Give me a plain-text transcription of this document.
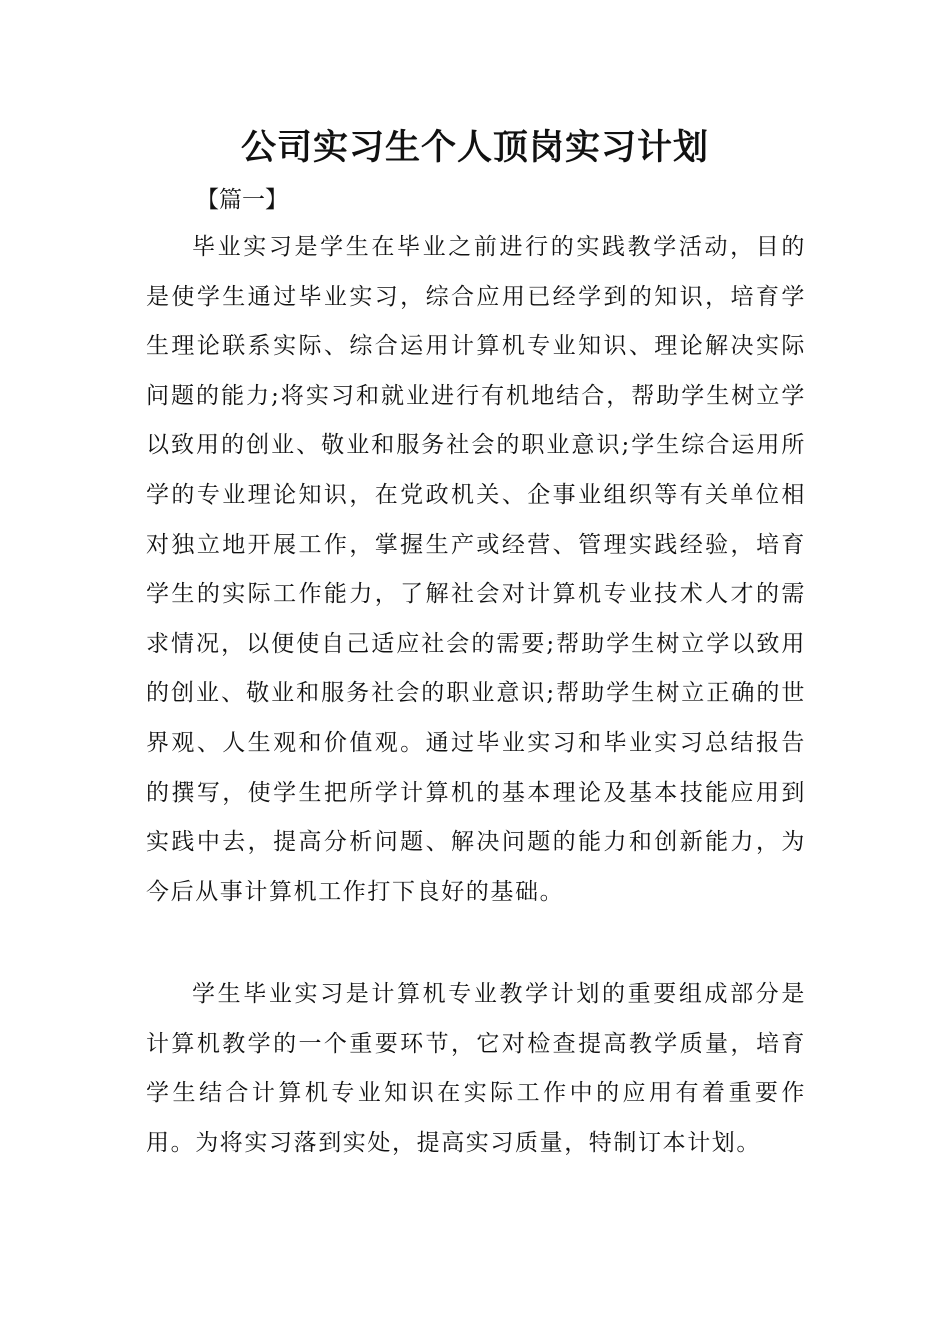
公司实习生个人顶岗实习计划
【篇一】

毕业实习是学生在毕业之前进行的实践教学活动，目的是使学生通过毕业实习，综合应用已经学到的知识，培育学生理论联系实际、综合运用计算机专业知识、理论解决实际问题的能力;将实习和就业进行有机地结合，帮助学生树立学以致用的创业、敬业和服务社会的职业意识;学生综合运用所学的专业理论知识，在党政机关、企事业组织等有关单位相对独立地开展工作，掌握生产或经营、管理实践经验，培育学生的实际工作能力，了解社会对计算机专业技术人才的需求情况，以便使自己适应社会的需要;帮助学生树立学以致用的创业、敬业和服务社会的职业意识;帮助学生树立正确的世界观、人生观和价值观。通过毕业实习和毕业实习总结报告的撰写，使学生把所学计算机的基本理论及基本技能应用到实践中去，提高分析问题、解决问题的能力和创新能力，为今后从事计算机工作打下良好的基础。

学生毕业实习是计算机专业教学计划的重要组成部分是计算机教学的一个重要环节，它对检查提高教学质量，培育学生结合计算机专业知识在实际工作中的应用有着重要作用。为将实习落到实处，提高实习质量，特制订本计划。
